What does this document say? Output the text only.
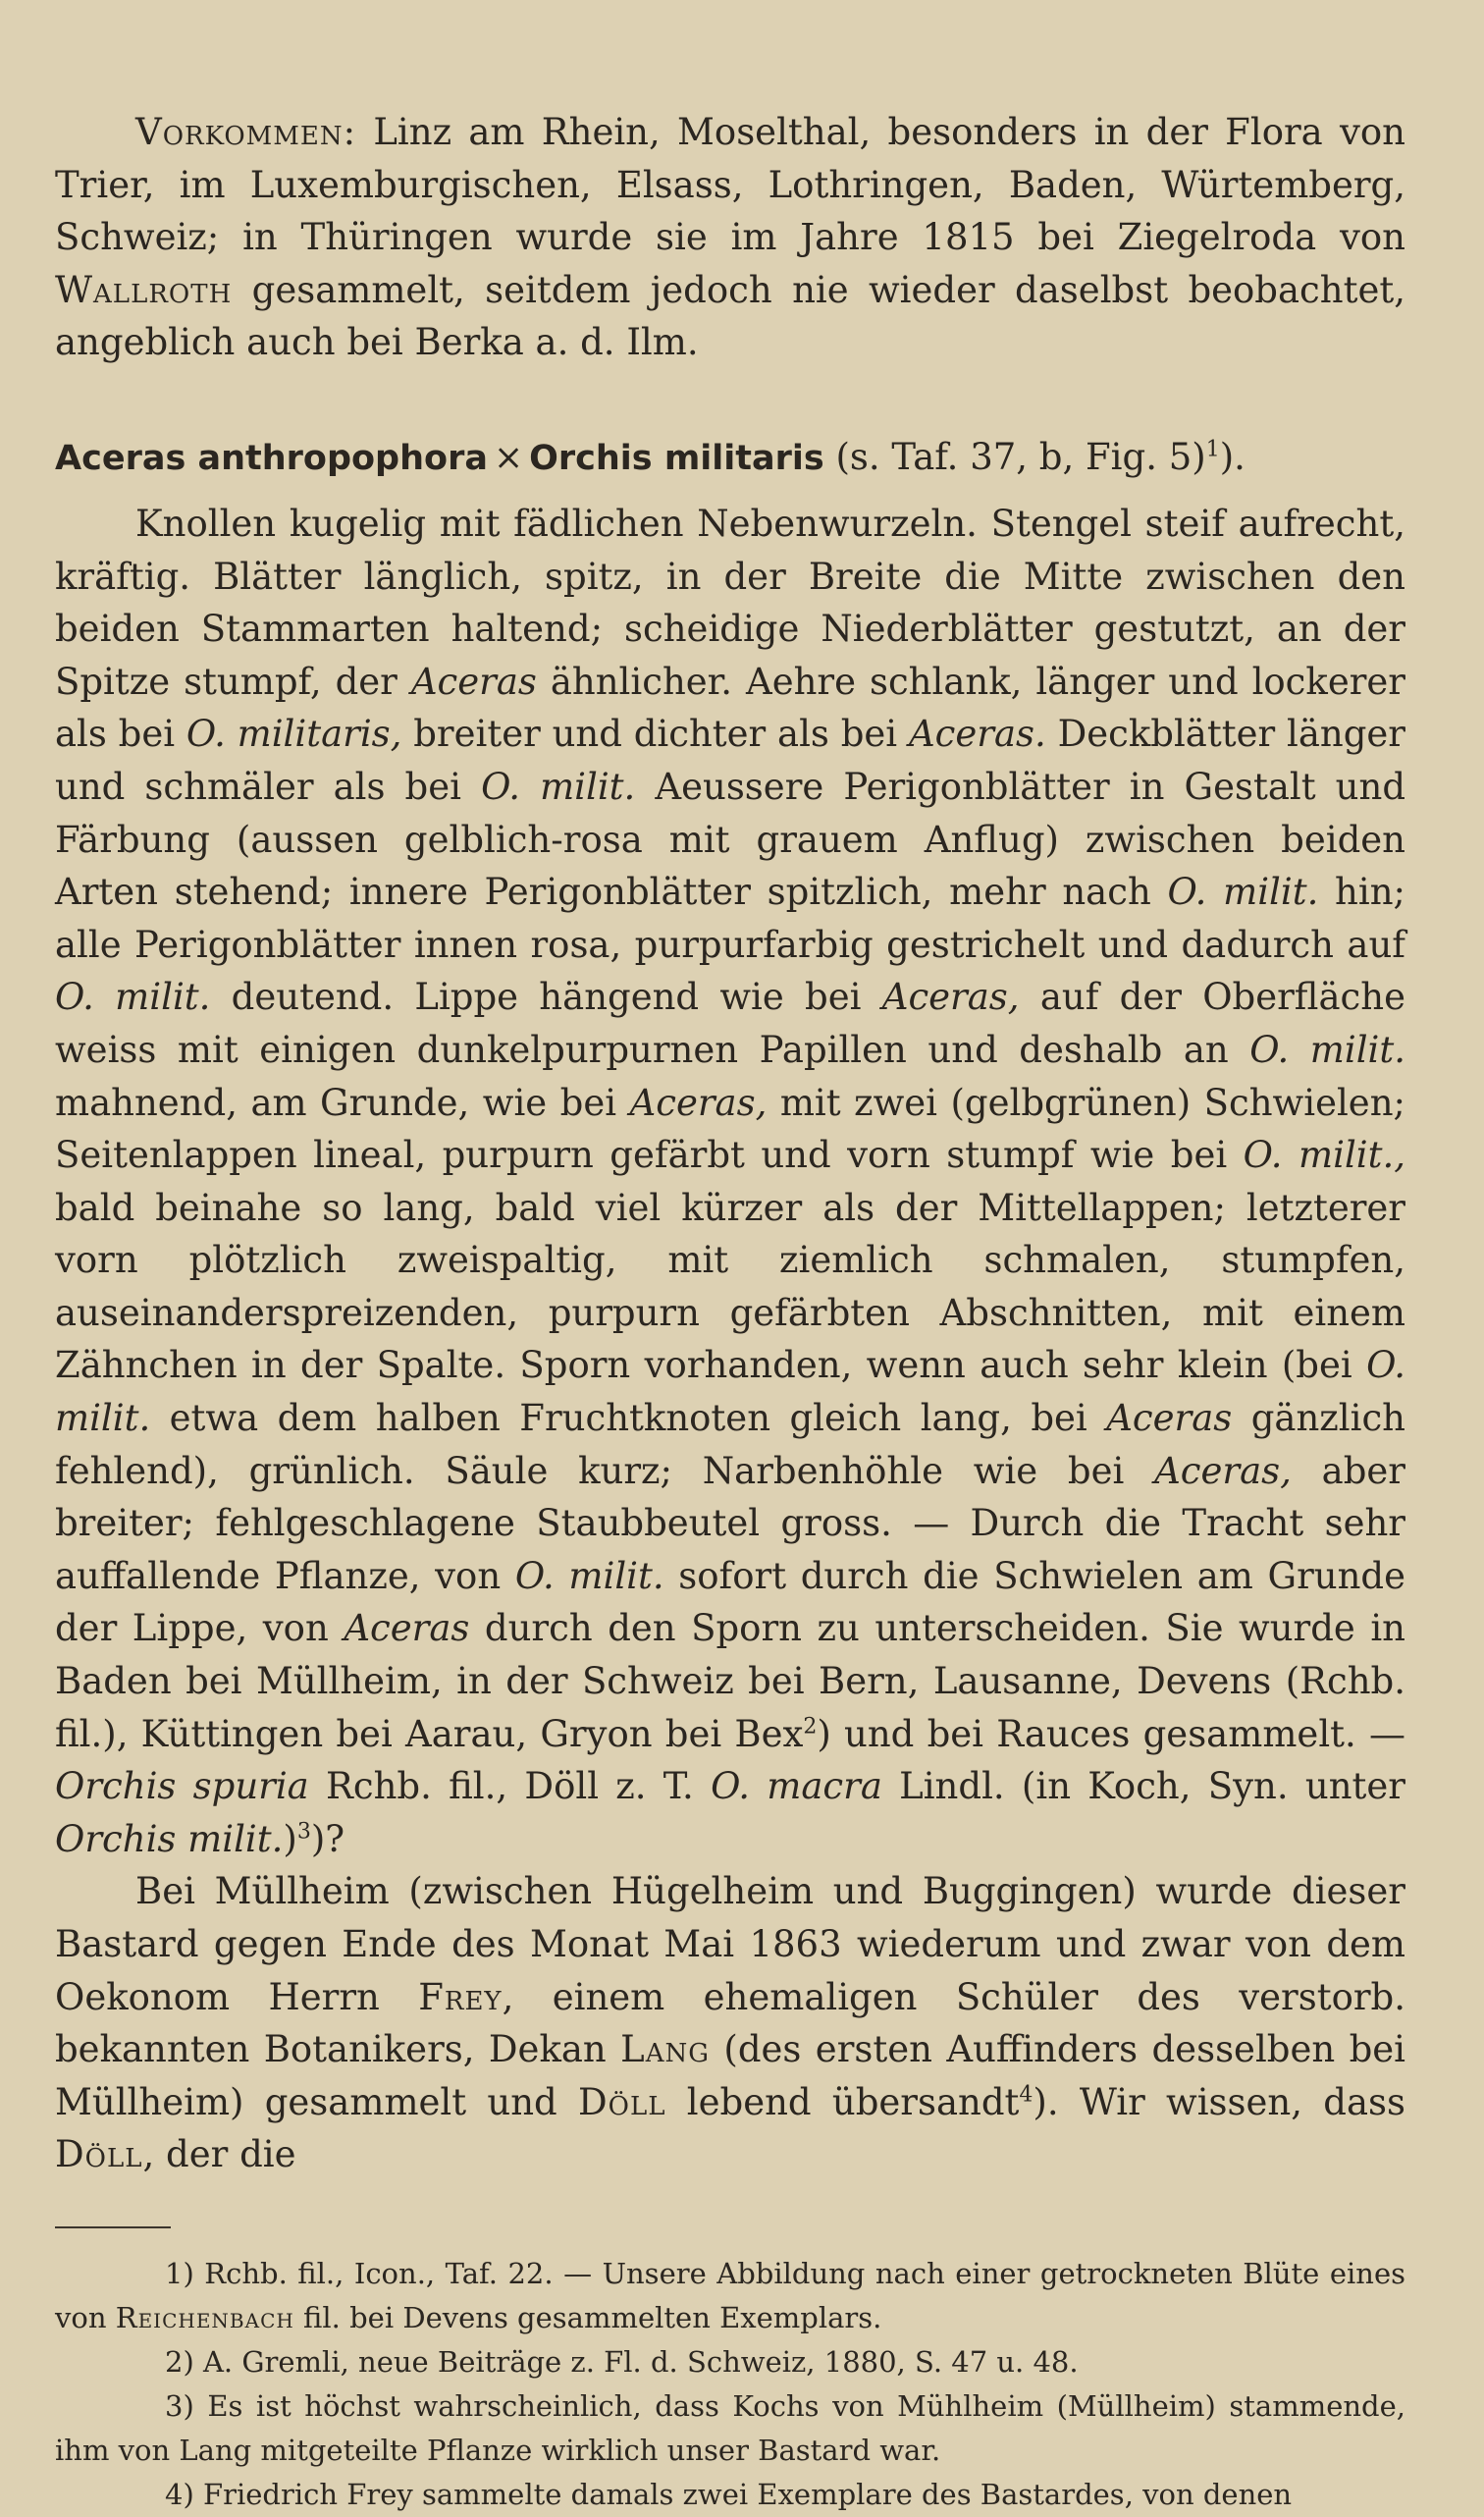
Vorkommen: Linz am Rhein, Moselthal, besonders in der Flora von Trier, im Luxemburgischen, Elsass, Lothringen, Baden, Würtemberg, Schweiz; in Thüringen wurde sie im Jahre 1815 bei Ziegelroda von Wallroth gesammelt, seitdem jedoch nie wieder daselbst beobachtet, angeblich auch bei Berka a. d. Ilm.

Aceras anthropophora × Orchis militaris (s. Taf. 37, b, Fig. 5)$^1$).

Knollen kugelig mit fädlichen Nebenwurzeln. Stengel steif aufrecht, kräftig. Blätter länglich, spitz, in der Breite die Mitte zwischen den beiden Stammarten haltend; scheidige Niederblätter gestutzt, an der Spitze stumpf, der Aceras ähnlicher. Aehre schlank, länger und lockerer als bei O. militaris, breiter und dichter als bei Aceras. Deckblätter länger und schmäler als bei O. milit. Aeussere Perigonblätter in Gestalt und Färbung (aussen gelblich-rosa mit grauem Anflug) zwischen beiden Arten stehend; innere Perigonblätter spitzlich, mehr nach O. milit. hin; alle Perigonblätter innen rosa, purpurfarbig gestrichelt und dadurch auf O. milit. deutend. Lippe hängend wie bei Aceras, auf der Oberfläche weiss mit einigen dunkelpurpurnen Papillen und deshalb an O. milit. mahnend, am Grunde, wie bei Aceras, mit zwei (gelbgrünen) Schwielen; Seitenlappen lineal, purpurn gefärbt und vorn stumpf wie bei O. milit., bald beinahe so lang, bald viel kürzer als der Mittellappen; letzterer vorn plötzlich zweispaltig, mit ziemlich schmalen, stumpfen, auseinanderspreizenden, purpurn gefärbten Abschnitten, mit einem Zähnchen in der Spalte. Sporn vorhanden, wenn auch sehr klein (bei O. milit. etwa dem halben Fruchtknoten gleich lang, bei Aceras gänzlich fehlend), grünlich. Säule kurz; Narbenhöhle wie bei Aceras, aber breiter; fehlgeschlagene Staubbeutel gross. — Durch die Tracht sehr auffallende Pflanze, von O. milit. sofort durch die Schwielen am Grunde der Lippe, von Aceras durch den Sporn zu unterscheiden. Sie wurde in Baden bei Müllheim, in der Schweiz bei Bern, Lausanne, Devens (Rchb. fil.), Küttingen bei Aarau, Gryon bei Bex$^2$) und bei Rauces gesammelt. — Orchis spuria Rchb. fil., Döll z. T. O. macra Lindl. (in Koch, Syn. unter Orchis milit.)$^3$)?

Bei Müllheim (zwischen Hügelheim und Buggingen) wurde dieser Bastard gegen Ende des Monat Mai 1863 wiederum und zwar von dem Oekonom Herrn Frey, einem ehemaligen Schüler des verstorb. bekannten Botanikers, Dekan Lang (des ersten Auffinders desselben bei Müllheim) gesammelt und Döll lebend übersandt$^4$). Wir wissen, dass Döll, der die

1) Rchb. fil., Icon., Taf. 22. — Unsere Abbildung nach einer getrockneten Blüte eines von Reichenbach fil. bei Devens gesammelten Exemplars.

2) A. Gremli, neue Beiträge z. Fl. d. Schweiz, 1880, S. 47 u. 48.

3) Es ist höchst wahrscheinlich, dass Kochs von Mühlheim (Müllheim) stammende, ihm von Lang mitgeteilte Pflanze wirklich unser Bastard war.

4) Friedrich Frey sammelte damals zwei Exemplare des Bastardes, von denen
